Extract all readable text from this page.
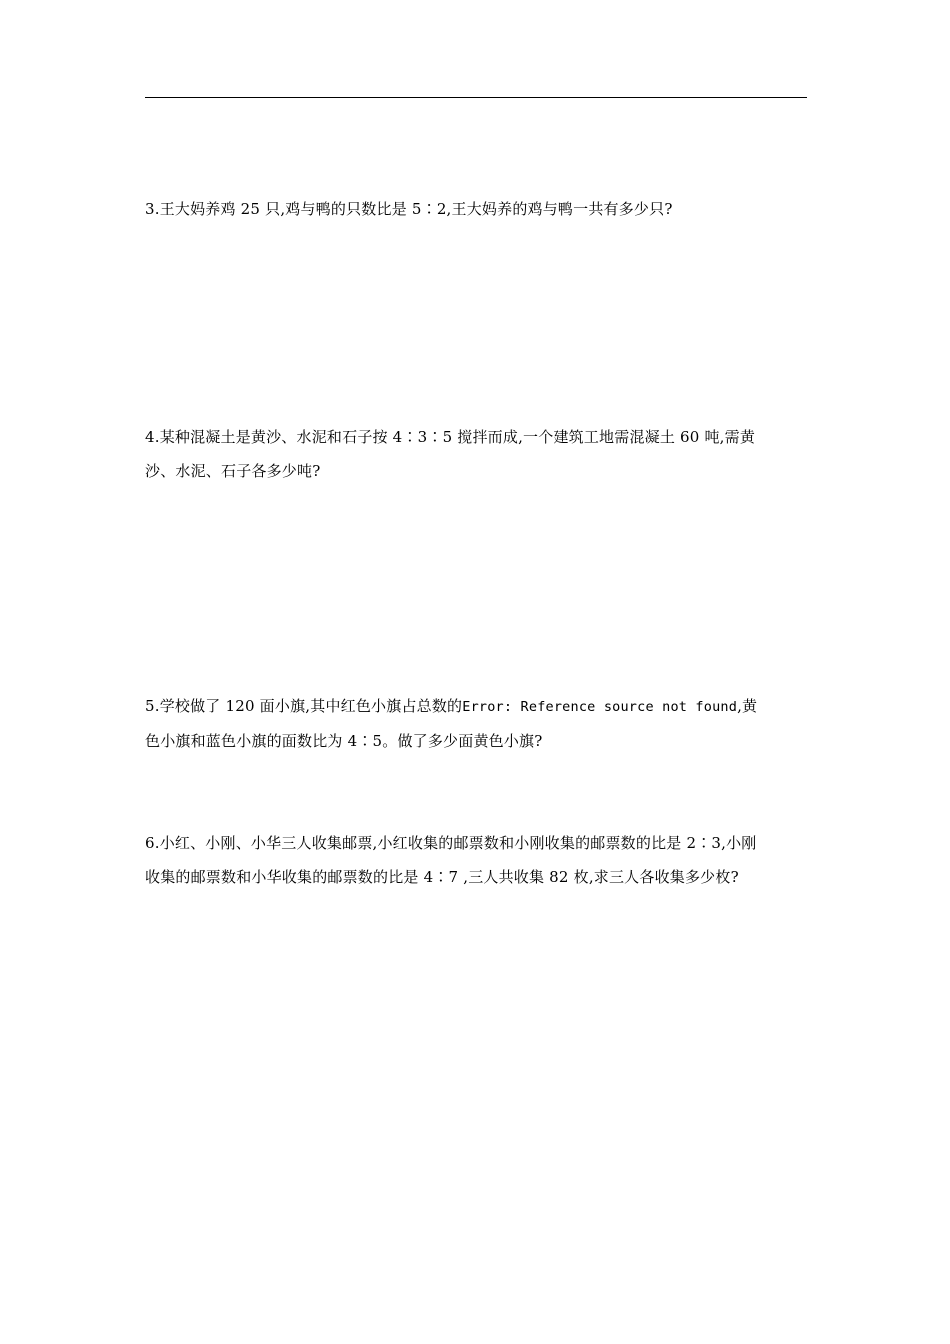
3.王大妈养鸡 25 只,鸡与鸭的只数比是 5∶2,王大妈养的鸡与鸭一共有多少只?
4.某种混凝土是黄沙、水泥和石子按 4∶3∶5 搅拌而成,一个建筑工地需混凝土 60 吨,需黄
沙、水泥、石子各多少吨?
5.学校做了 120 面小旗,其中红色小旗占总数的Error: Reference source not found,黄
色小旗和蓝色小旗的面数比为 4∶5。做了多少面黄色小旗?
6.小红、小刚、小华三人收集邮票,小红收集的邮票数和小刚收集的邮票数的比是 2∶3,小刚
收集的邮票数和小华收集的邮票数的比是 4∶7 ,三人共收集 82 枚,求三人各收集多少枚?
